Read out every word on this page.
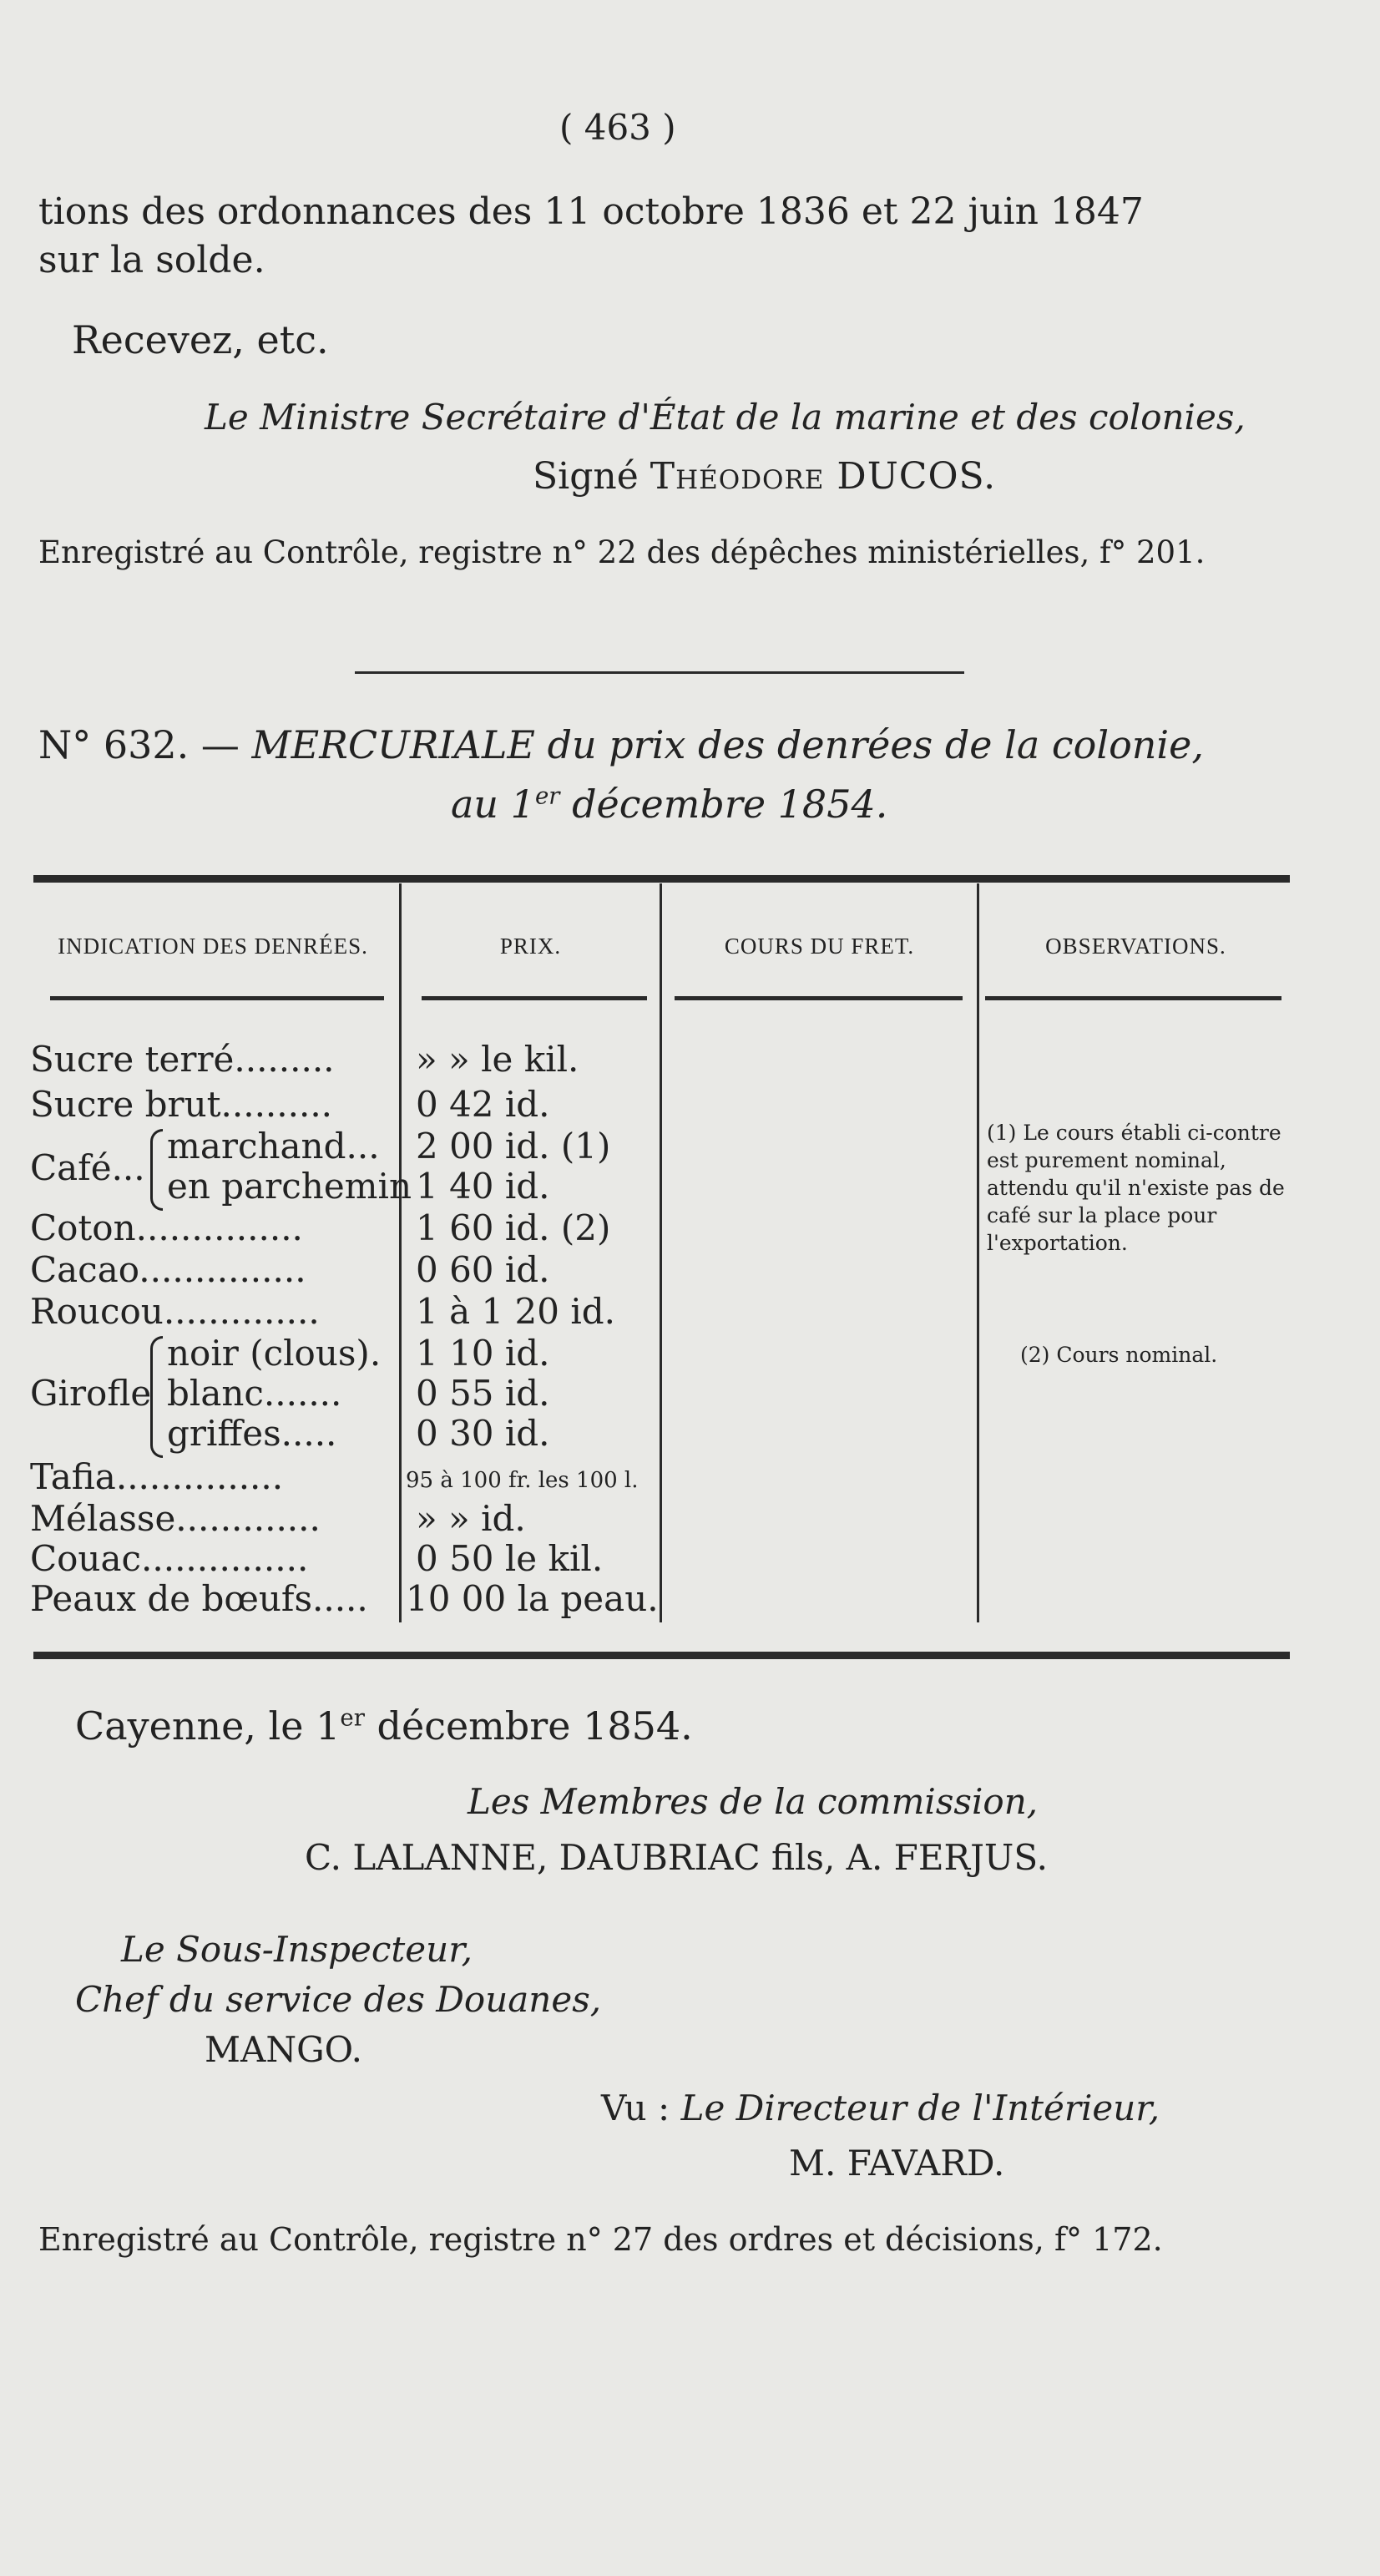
( 463 )
tions des ordonnances des 11 octobre 1836 et 22 juin 1847
sur la solde.
Recevez, etc.
Le Ministre Secrétaire d'État de la marine et des colonies,
Signé Théodore DUCOS.
Enregistré au Contrôle, registre n° 22 des dépêches ministérielles, f° 201.
N° 632. — MERCURIALE du prix des denrées de la colonie,
au 1er décembre 1854.
INDICATION DES DENRÉES.	PRIX.	COURS DU FRET.	OBSERVATIONS.
Sucre terré......... » » le kil.
Sucre brut.......... 0 42 id.
Café...
marchand... 2 00 id. (1)
en parchemin 1 40 id.
Coton...............	1 60 id. (2)
Cacao...............	0 60 id.
Roucou..............	1 à 1 20 id.
Girofle
noir (clous). 1 10 id.
blanc....... 0 55 id.
griffes..... 0 30 id.
Tafia...............	95 à 100 fr. les 100 l.
Mélasse.............	» » id.
Couac...............	0 50 le kil.
Peaux de bœufs..... 10 00 la peau.
(1) Le cours établi ci-contre est purement nominal, attendu qu'il n'existe pas de café sur la place pour l'exportation.
(2) Cours nominal.
Cayenne, le 1er décembre 1854.
Les Membres de la commission,
C. LALANNE, DAUBRIAC fils, A. FERJUS.
Le Sous-Inspecteur,
Chef du service des Douanes,
MANGO.
Vu : Le Directeur de l'Intérieur,
M. FAVARD.
Enregistré au Contrôle, registre n° 27 des ordres et décisions, f° 172.
